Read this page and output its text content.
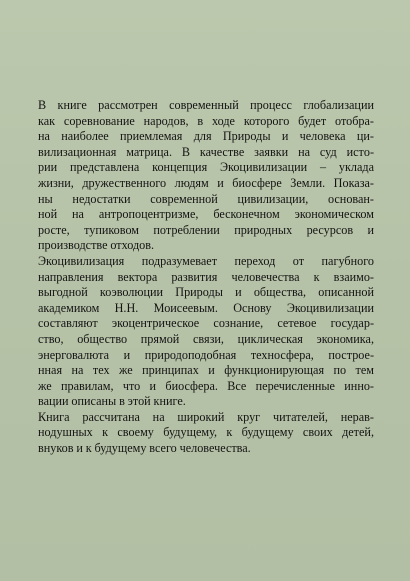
В книге рассмотрен современный процесс глобализации
как соревнование народов, в ходе которого будет отобра-
на наиболее приемлемая для Природы и человека ци-
вилизационная матрица. В качестве заявки на суд истo-
рии представлена концепция Экоцивилизации – уклада
жизни, дружественного людям и биосфере Земли. Показа-
ны недостатки современной цивилизации, основан-
ной на антропоцентризме, бесконечном экономическом
росте, тупиковом потреблении природных ресурсов и
производстве отходов.

Экоцивилизация подразумевает переход от пагубного
направления вектора развития человечества к взаимо-
выгодной коэволюции Природы и общества, описанной
академиком Н.Н. Моисеевым. Основу Экоцивилизации
составляют экоцентрическое сознание, сетевое государ-
ство, общество прямой связи, цикличеcкая экономика,
энерговалюта и природоподобная техносфера, построе-
нная на тех же принципах и функционирующая по тем
же правилам, что и биосфера. Все перечисленные инно-
вации описаны в этой книге.

Книга рассчитана на широкий круг читателей, нерав-
нодушных к своему будущему, к будущему своих детей,
внуков и к будущему всего человечества.
